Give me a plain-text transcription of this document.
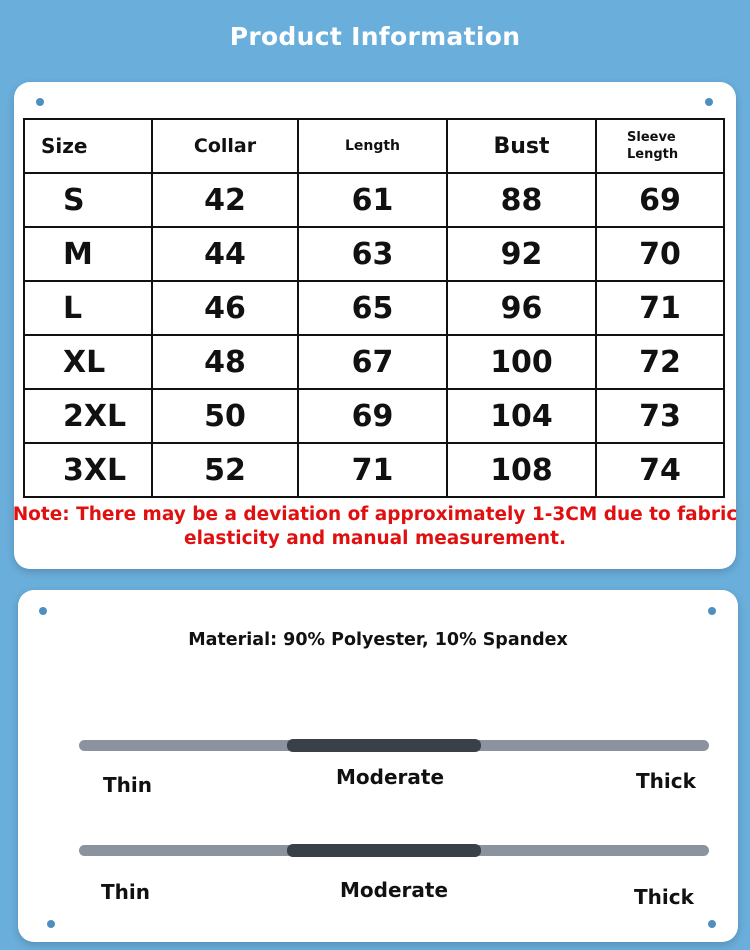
Product Information
Size	Collar	Length	Bust	Sleeve Length
S	42	61	88	69
M	44	63	92	70
L	46	65	96	71
XL	48	67	100	72
2XL	50	69	104	73
3XL	52	71	108	74
Note: There may be a deviation of approximately 1-3CM due to fabric elasticity and manual measurement.
Material: 90% Polyester, 10% Spandex
Thin	Moderate	Thick
Thin	Moderate	Thick
